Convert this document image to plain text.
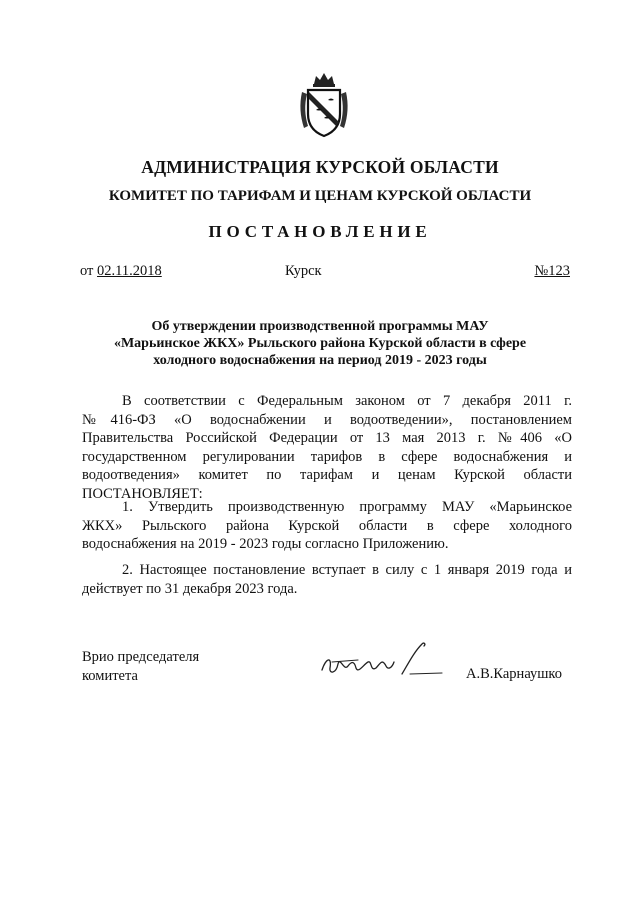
АДМИНИСТРАЦИЯ КУРСКОЙ ОБЛАСТИ
КОМИТЕТ ПО ТАРИФАМ И ЦЕНАМ КУРСКОЙ ОБЛАСТИ
ПОСТАНОВЛЕНИЕ
от 02.11.2018	Курск	№123
Об утверждении производственной программы МАУ
«Марьинское ЖКХ» Рыльского района Курской области в сфере
холодного водоснабжения на период 2019 - 2023 годы
В соответствии с Федеральным законом от 7 декабря 2011 г.
№416-ФЗ «О водоснабжении и водоотведении», постановлением
Правительства Российской Федерации от 13 мая 2013 г. №406 «О
государственном регулировании тарифов в сфере водоснабжения и
водоотведения» комитет по тарифам и ценам Курской области
ПОСТАНОВЛЯЕТ:
1. Утвердить производственную программу МАУ «Марьинское
ЖКХ» Рыльского района Курской области в сфере холодного
водоснабжения на 2019 - 2023 годы согласно Приложению.
2. Настоящее постановление вступает в силу с 1 января 2019 года и
действует по 31 декабря 2023 года.
Врио председателя
комитета	А.В.Карнаушко
